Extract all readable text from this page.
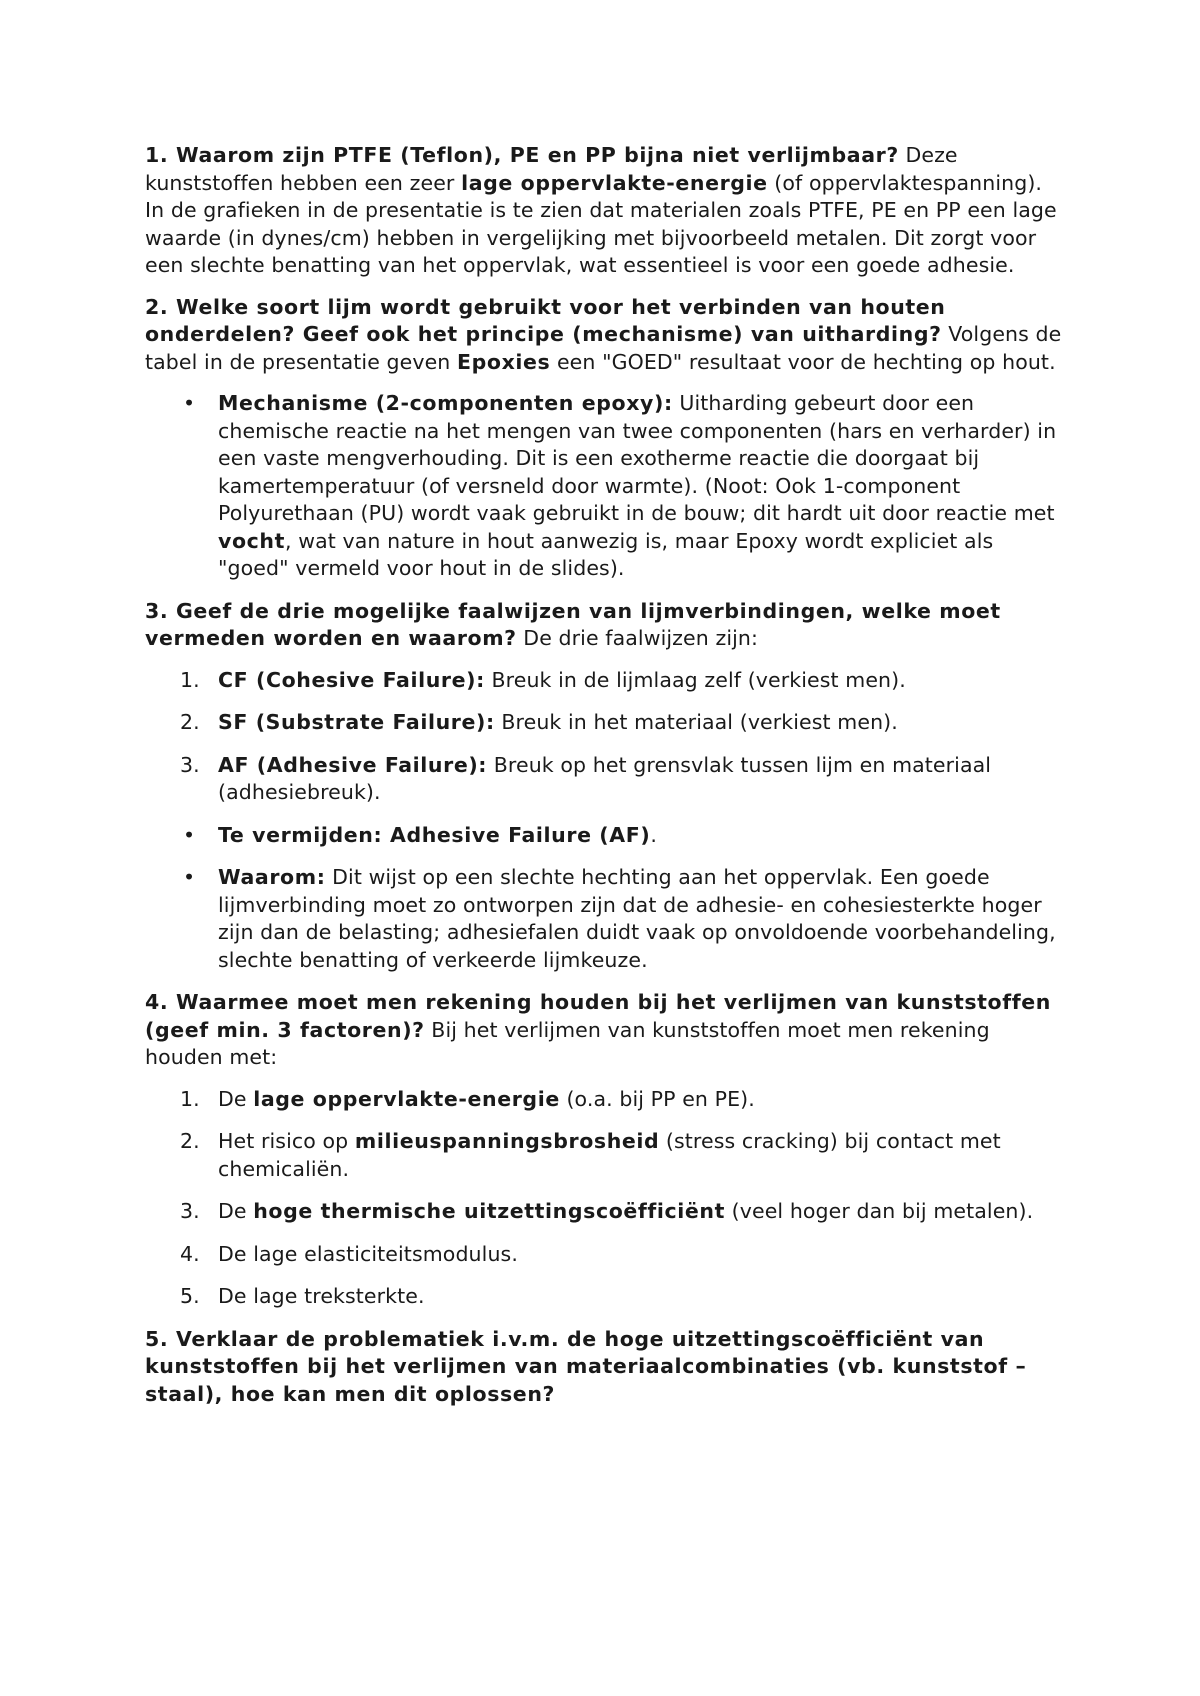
1. Waarom zijn PTFE (Teflon), PE en PP bijna niet verlijmbaar? Deze kunststoffen hebben een zeer lage oppervlakte-energie (of oppervlaktespanning). In de grafieken in de presentatie is te zien dat materialen zoals PTFE, PE en PP een lage waarde (in dynes/cm) hebben in vergelijking met bijvoorbeeld metalen. Dit zorgt voor een slechte benatting van het oppervlak, wat essentieel is voor een goede adhesie.

2. Welke soort lijm wordt gebruikt voor het verbinden van houten onderdelen? Geef ook het principe (mechanisme) van uitharding? Volgens de tabel in de presentatie geven Epoxies een "GOED" resultaat voor de hechting op hout.

• Mechanisme (2-componenten epoxy): Uitharding gebeurt door een chemische reactie na het mengen van twee componenten (hars en verharder) in een vaste mengverhouding. Dit is een exotherme reactie die doorgaat bij kamertemperatuur (of versneld door warmte). (Noot: Ook 1-component Polyurethaan (PU) wordt vaak gebruikt in de bouw; dit hardt uit door reactie met vocht, wat van nature in hout aanwezig is, maar Epoxy wordt expliciet als "goed" vermeld voor hout in de slides).

3. Geef de drie mogelijke faalwijzen van lijmverbindingen, welke moet vermeden worden en waarom? De drie faalwijzen zijn:

1. CF (Cohesive Failure): Breuk in de lijmlaag zelf (verkiest men).
2. SF (Substrate Failure): Breuk in het materiaal (verkiest men).
3. AF (Adhesive Failure): Breuk op het grensvlak tussen lijm en materiaal (adhesiebreuk).
• Te vermijden: Adhesive Failure (AF).
• Waarom: Dit wijst op een slechte hechting aan het oppervlak. Een goede lijmverbinding moet zo ontworpen zijn dat de adhesie- en cohesiesterkte hoger zijn dan de belasting; adhesiefalen duidt vaak op onvoldoende voorbehandeling, slechte benatting of verkeerde lijmkeuze.

4. Waarmee moet men rekening houden bij het verlijmen van kunststoffen (geef min. 3 factoren)? Bij het verlijmen van kunststoffen moet men rekening houden met:

1. De lage oppervlakte-energie (o.a. bij PP en PE).
2. Het risico op milieuspanningsbrosheid (stress cracking) bij contact met chemicaliën.
3. De hoge thermische uitzettingscoëfficiënt (veel hoger dan bij metalen).
4. De lage elasticiteitsmodulus.
5. De lage treksterkte.

5. Verklaar de problematiek i.v.m. de hoge uitzettingscoëfficiënt van kunststoffen bij het verlijmen van materiaalcombinaties (vb. kunststof – staal), hoe kan men dit oplossen?
